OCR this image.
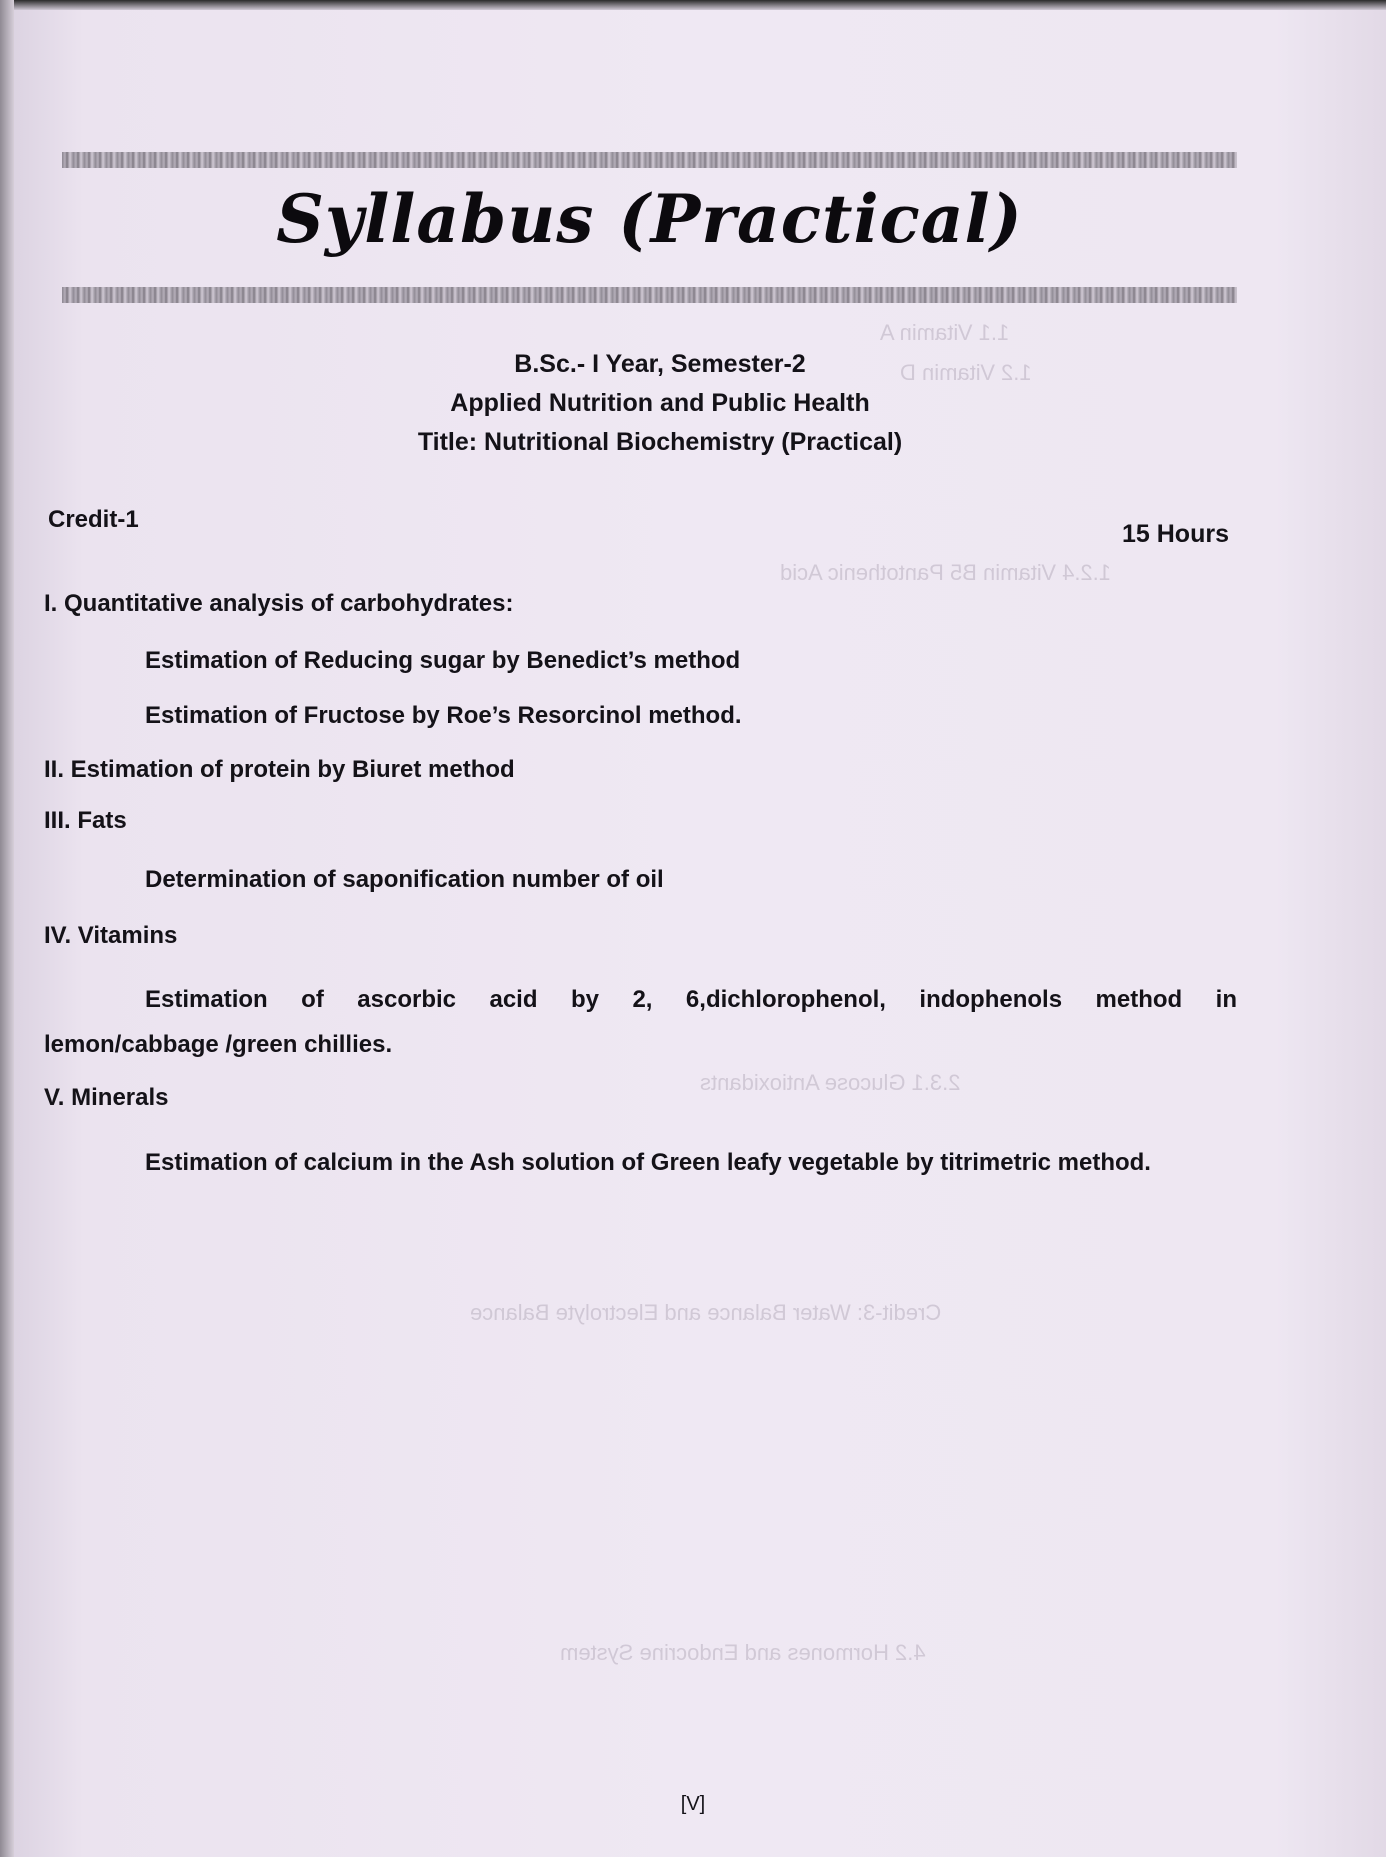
1.1 Vitamin A
1.2 Vitamin D
1.2.4 Vitamin B5 Pantothenic Acid
2.3.1 Glucose Antioxidants
Credit-3: Water Balance and Electrolyte Balance
4.2 Hormones and Endocrine System
Syllabus (Practical)
B.Sc.- I Year, Semester-2
Applied Nutrition and Public Health
Title: Nutritional Biochemistry (Practical)
Credit-1
15 Hours
I. Quantitative analysis of carbohydrates:
Estimation of Reducing sugar by Benedict’s method
Estimation of Fructose by Roe’s Resorcinol method.
II. Estimation of protein by Biuret method
III. Fats
Determination of saponification number of oil
IV. Vitamins
Estimation of ascorbic acid by 2, 6,dichlorophenol, indophenols method in
lemon/cabbage /green chillies.
V. Minerals
Estimation of calcium in the Ash solution of Green leafy vegetable by titrimetric method.
[V]
